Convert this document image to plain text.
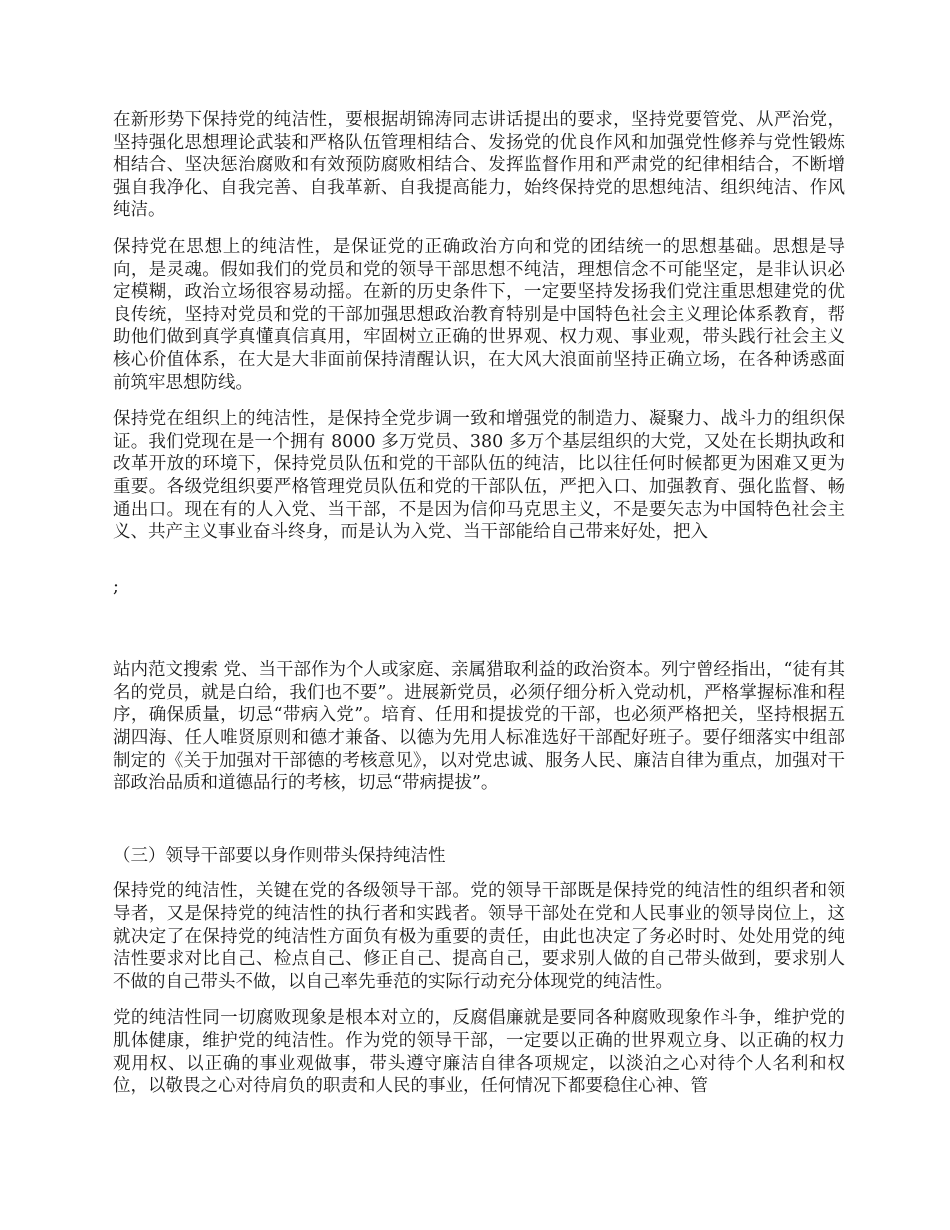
在新形势下保持党的纯洁性，要根据胡锦涛同志讲话提出的要求，坚持党要管党、从严治党，坚持强化思想理论武装和严格队伍管理相结合、发扬党的优良作风和加强党性修养与党性锻炼相结合、坚决惩治腐败和有效预防腐败相结合、发挥监督作用和严肃党的纪律相结合，不断增强自我净化、自我完善、自我革新、自我提高能力，始终保持党的思想纯洁、组织纯洁、作风纯洁。

保持党在思想上的纯洁性，是保证党的正确政治方向和党的团结统一的思想基础。思想是导向，是灵魂。假如我们的党员和党的领导干部思想不纯洁，理想信念不可能坚定，是非认识必定模糊，政治立场很容易动摇。在新的历史条件下，一定要坚持发扬我们党注重思想建党的优良传统，坚持对党员和党的干部加强思想政治教育特别是中国特色社会主义理论体系教育，帮助他们做到真学真懂真信真用，牢固树立正确的世界观、权力观、事业观，带头践行社会主义核心价值体系，在大是大非面前保持清醒认识，在大风大浪面前坚持正确立场，在各种诱惑面前筑牢思想防线。

保持党在组织上的纯洁性，是保持全党步调一致和增强党的制造力、凝聚力、战斗力的组织保证。我们党现在是一个拥有 8000 多万党员、380 多万个基层组织的大党，又处在长期执政和改革开放的环境下，保持党员队伍和党的干部队伍的纯洁，比以往任何时候都更为困难又更为重要。各级党组织要严格管理党员队伍和党的干部队伍，严把入口、加强教育、强化监督、畅通出口。现在有的人入党、当干部，不是因为信仰马克思主义，不是要矢志为中国特色社会主义、共产主义事业奋斗终身，而是认为入党、当干部能给自己带来好处，把入

;

站内范文搜索 党、当干部作为个人或家庭、亲属猎取利益的政治资本。列宁曾经指出，“徒有其名的党员，就是白给，我们也不要”。进展新党员，必须仔细分析入党动机，严格掌握标准和程序，确保质量，切忌“带病入党”。培育、任用和提拔党的干部，也必须严格把关，坚持根据五湖四海、任人唯贤原则和德才兼备、以德为先用人标准选好干部配好班子。要仔细落实中组部制定的《关于加强对干部德的考核意见》，以对党忠诚、服务人民、廉洁自律为重点，加强对干部政治品质和道德品行的考核，切忌“带病提拔”。

（三）领导干部要以身作则带头保持纯洁性

保持党的纯洁性，关键在党的各级领导干部。党的领导干部既是保持党的纯洁性的组织者和领导者，又是保持党的纯洁性的执行者和实践者。领导干部处在党和人民事业的领导岗位上，这就决定了在保持党的纯洁性方面负有极为重要的责任，由此也决定了务必时时、处处用党的纯洁性要求对比自己、检点自己、修正自己、提高自己，要求别人做的自己带头做到，要求别人不做的自己带头不做，以自己率先垂范的实际行动充分体现党的纯洁性。

党的纯洁性同一切腐败现象是根本对立的，反腐倡廉就是要同各种腐败现象作斗争，维护党的肌体健康，维护党的纯洁性。作为党的领导干部，一定要以正确的世界观立身、以正确的权力观用权、以正确的事业观做事，带头遵守廉洁自律各项规定，以淡泊之心对待个人名利和权位，以敬畏之心对待肩负的职责和人民的事业，任何情况下都要稳住心神、管
